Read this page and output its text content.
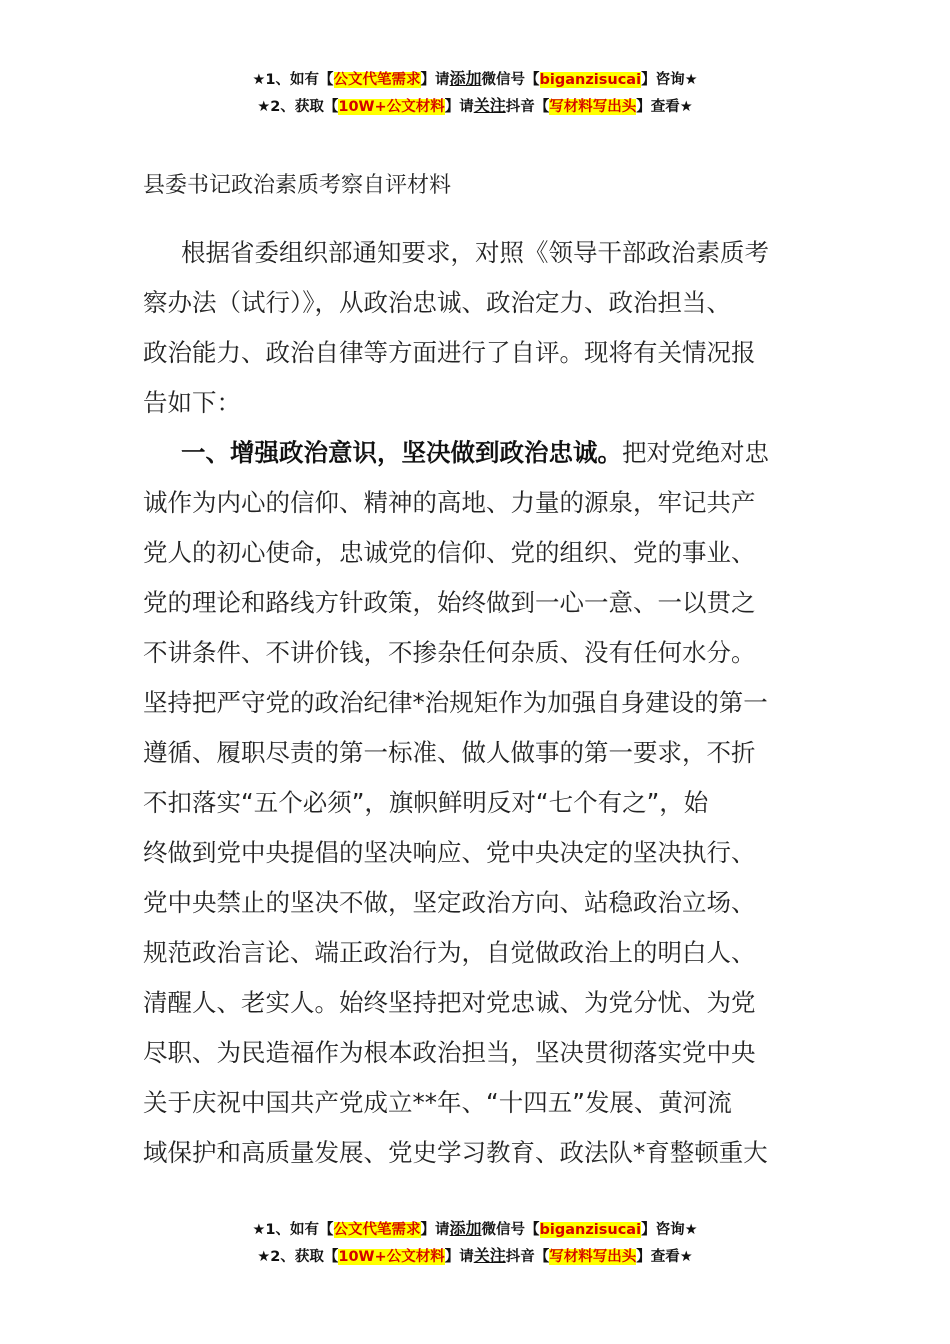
★1、如有【公文代笔需求】请添加微信号【biganzisucai】咨询★
★2、获取【10W+公文材料】请关注抖音【写材料写出头】查看★
县委书记政治素质考察自评材料
根据省委组织部通知要求，对照《领导干部政治素质考
察办法（试行）》，从政治忠诚、政治定力、政治担当、
政治能力、政治自律等方面进行了自评。现将有关情况报
告如下：
一、增强政治意识，坚决做到政治忠诚。把对党绝对忠
诚作为内心的信仰、精神的高地、力量的源泉，牢记共产
党人的初心使命，忠诚党的信仰、党的组织、党的事业、
党的理论和路线方针政策，始终做到一心一意、一以贯之
不讲条件、不讲价钱，不掺杂任何杂质、没有任何水分。
坚持把严守党的政治纪律*治规矩作为加强自身建设的第一
遵循、履职尽责的第一标准、做人做事的第一要求，不折
不扣落实“五个必须”，旗帜鲜明反对“七个有之”，始
终做到党中央提倡的坚决响应、党中央决定的坚决执行、
党中央禁止的坚决不做，坚定政治方向、站稳政治立场、
规范政治言论、端正政治行为，自觉做政治上的明白人、
清醒人、老实人。始终坚持把对党忠诚、为党分忧、为党
尽职、为民造福作为根本政治担当，坚决贯彻落实党中央
关于庆祝中国共产党成立**年、“十四五”发展、黄河流
域保护和高质量发展、党史学习教育、政法队*育整顿重大
★1、如有【公文代笔需求】请添加微信号【biganzisucai】咨询★
★2、获取【10W+公文材料】请关注抖音【写材料写出头】查看★
